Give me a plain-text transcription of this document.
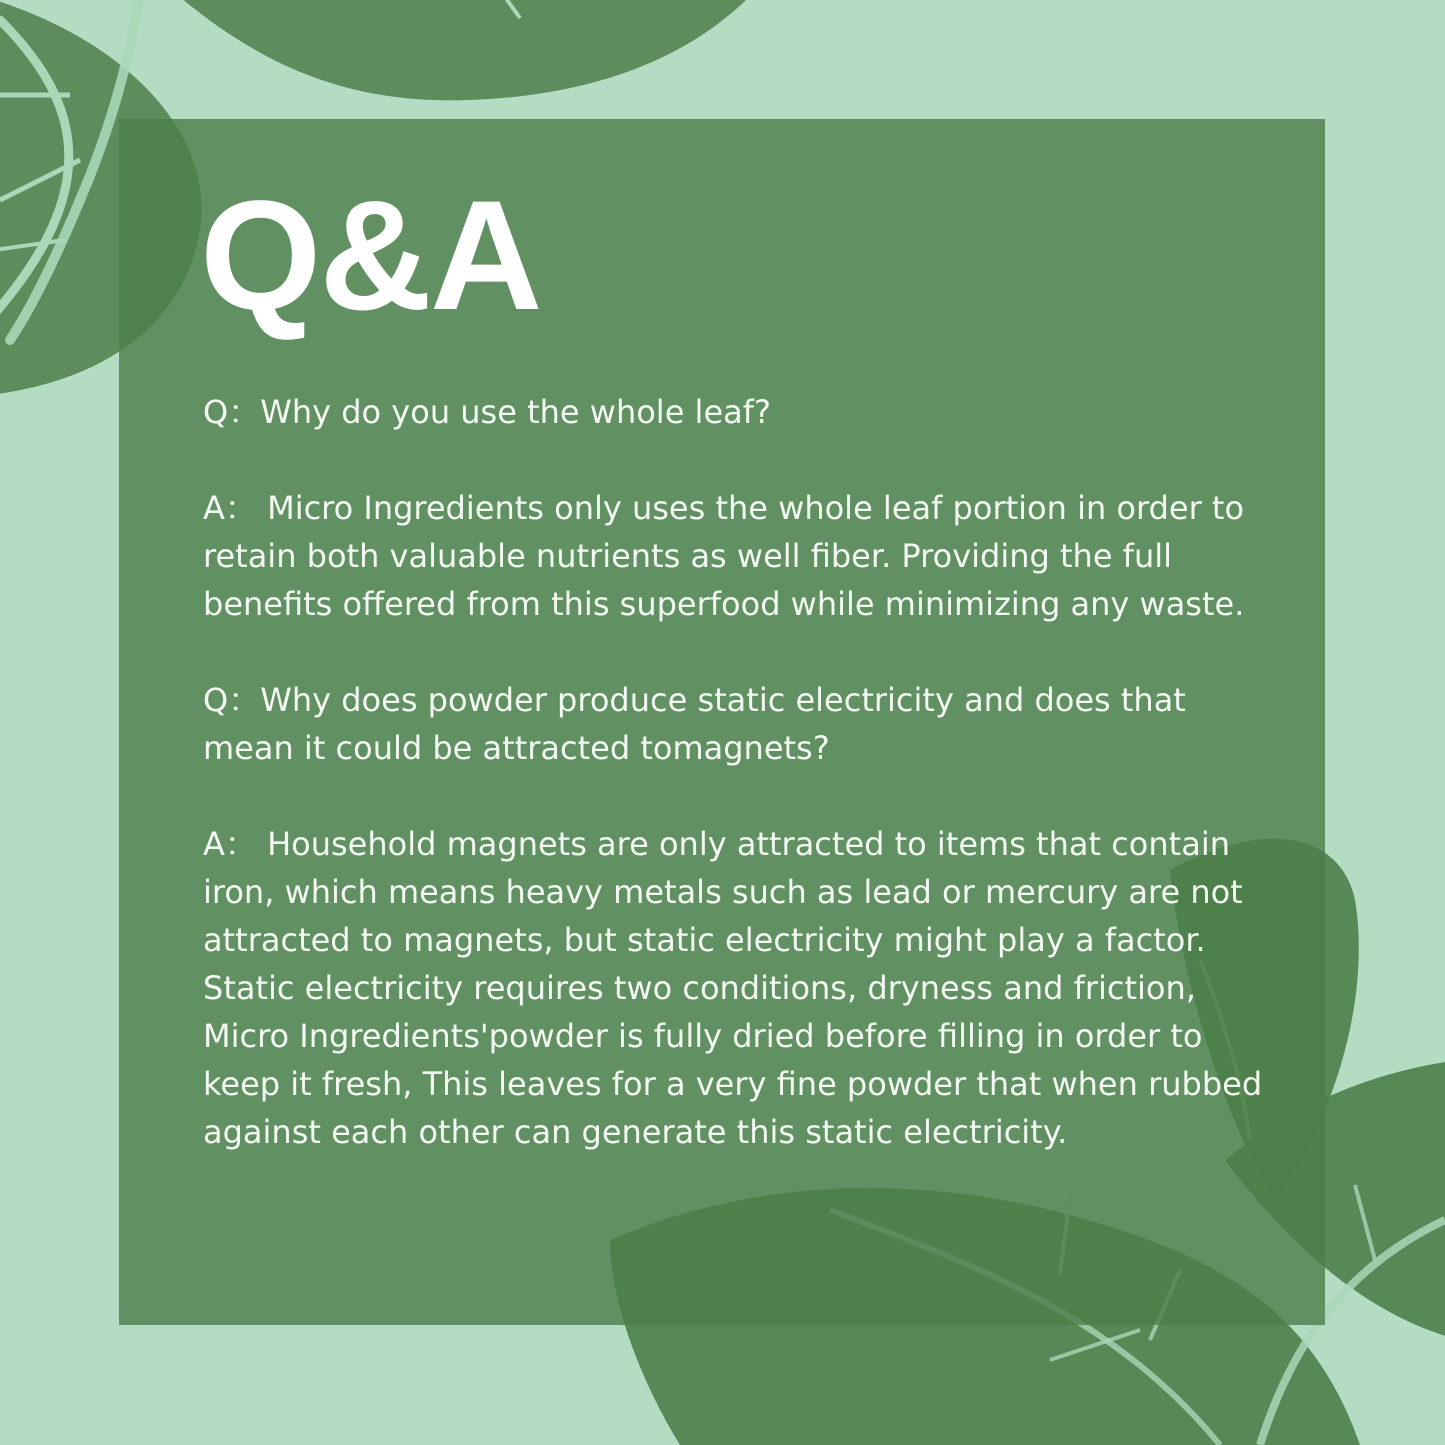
Q&A

Q：Why do you use the whole leaf?

A： Micro Ingredients only uses the whole leaf portion in order to retain both valuable nutrients as well fiber. Providing the full benefits offered from this superfood while minimizing any waste.

Q：Why does powder produce static electricity and does that mean it could be attracted tomagnets?

A： Household magnets are only attracted to items that contain iron, which means heavy metals such as lead or mercury are not attracted to magnets, but static electricity might play a factor. Static electricity requires two conditions, dryness and friction, Micro Ingredients'powder is fully dried before filling in order to keep it fresh, This leaves for a very fine powder that when rubbed against each other can generate this static electricity.
